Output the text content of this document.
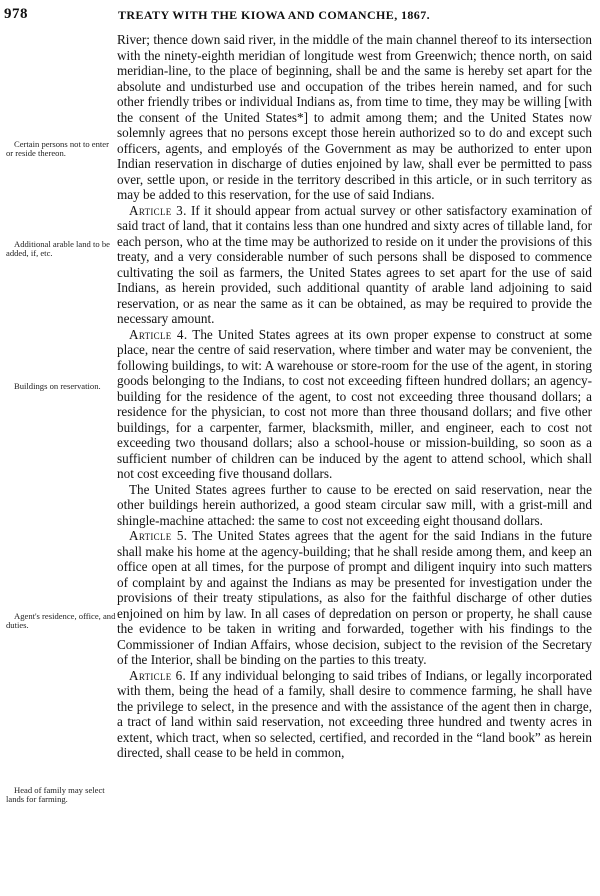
978	TREATY WITH THE KIOWA AND COMANCHE, 1867.
Certain persons not to enter or reside thereon.
Additional arable land to be added, if, etc.
Buildings on reservation.
Agent's residence, office, and duties.
Head of family may select lands for farming.

River; thence down said river, in the middle of the main channel thereof to its intersection with the ninety-eighth meridian of longitude west from Greenwich; thence north, on said meridian-line, to the place of beginning, shall be and the same is hereby set apart for the absolute and undisturbed use and occupation of the tribes herein named, and for such other friendly tribes or individual Indians as, from time to time, they may be willing [with the consent of the United States*] to admit among them; and the United States now solemnly agrees that no persons except those herein authorized so to do and except such officers, agents, and employés of the Government as may be authorized to enter upon Indian reservation in discharge of duties enjoined by law, shall ever be permitted to pass over, settle upon, or reside in the territory described in this article, or in such territory as may be added to this reservation, for the use of said Indians.

Article 3. If it should appear from actual survey or other satisfactory examination of said tract of land, that it contains less than one hundred and sixty acres of tillable land, for each person, who at the time may be authorized to reside on it under the provisions of this treaty, and a very considerable number of such persons shall be disposed to commence cultivating the soil as farmers, the United States agrees to set apart for the use of said Indians, as herein provided, such additional quantity of arable land adjoining to said reservation, or as near the same as it can be obtained, as may be required to provide the necessary amount.

Article 4. The United States agrees at its own proper expense to construct at some place, near the centre of said reservation, where timber and water may be convenient, the following buildings, to wit: A warehouse or store-room for the use of the agent, in storing goods belonging to the Indians, to cost not exceeding fifteen hundred dollars; an agency-building for the residence of the agent, to cost not exceeding three thousand dollars; a residence for the physician, to cost not more than three thousand dollars; and five other buildings, for a carpenter, farmer, blacksmith, miller, and engineer, each to cost not exceeding two thousand dollars; also a school-house or mission-building, so soon as a sufficient number of children can be induced by the agent to attend school, which shall not cost exceeding five thousand dollars.

The United States agrees further to cause to be erected on said reservation, near the other buildings herein authorized, a good steam circular saw mill, with a grist-mill and shingle-machine attached: the same to cost not exceeding eight thousand dollars.

Article 5. The United States agrees that the agent for the said Indians in the future shall make his home at the agency-building; that he shall reside among them, and keep an office open at all times, for the purpose of prompt and diligent inquiry into such matters of complaint by and against the Indians as may be presented for investigation under the provisions of their treaty stipulations, as also for the faithful discharge of other duties enjoined on him by law. In all cases of depredation on person or property, he shall cause the evidence to be taken in writing and forwarded, together with his findings to the Commissioner of Indian Affairs, whose decision, subject to the revision of the Secretary of the Interior, shall be binding on the parties to this treaty.

Article 6. If any individual belonging to said tribes of Indians, or legally incorporated with them, being the head of a family, shall desire to commence farming, he shall have the privilege to select, in the presence and with the assistance of the agent then in charge, a tract of land within said reservation, not exceeding three hundred and twenty acres in extent, which tract, when so selected, certified, and recorded in the “land book” as herein directed, shall cease to be held in common,
